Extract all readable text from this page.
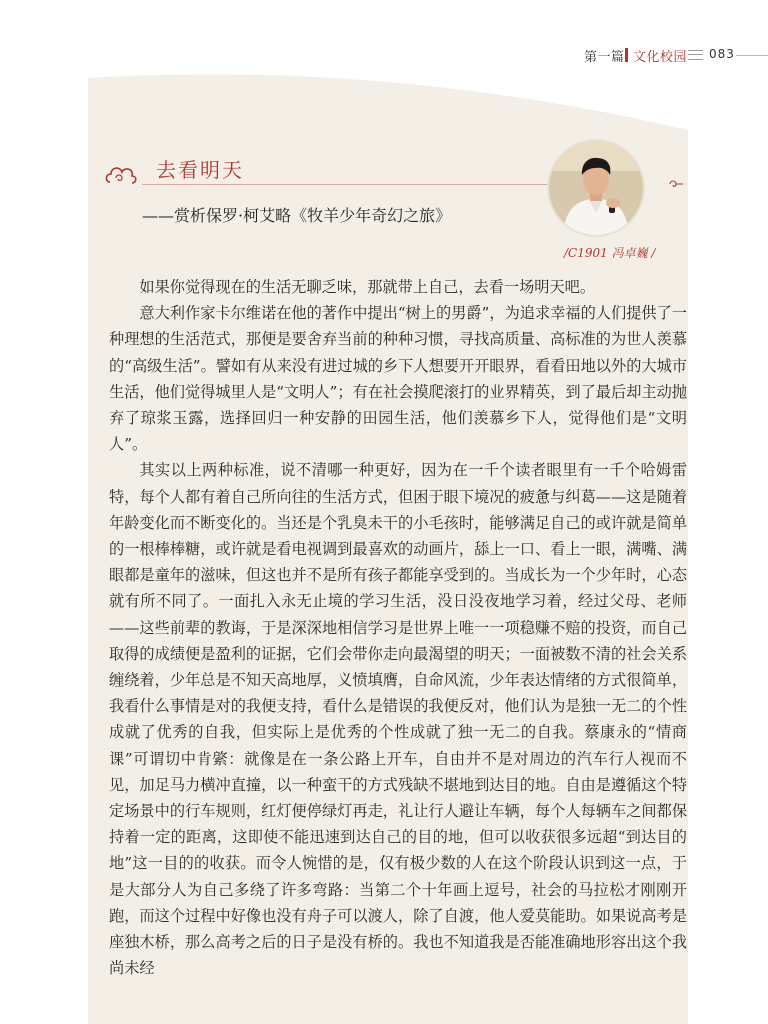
第一篇 文化校园 083
去看明天
——赏析保罗·柯艾略《牧羊少年奇幻之旅》
/C1901 冯卓巍 /

如果你觉得现在的生活无聊乏味，那就带上自己，去看一场明天吧。

意大利作家卡尔维诺在他的著作中提出“树上的男爵”，为追求幸福的人们提供了一种理想的生活范式，那便是要舍弃当前的种种习惯，寻找高质量、高标准的为世人羡慕的“高级生活”。譬如有从来没有进过城的乡下人想要开开眼界，看看田地以外的大城市生活，他们觉得城里人是“文明人”；有在社会摸爬滚打的业界精英，到了最后却主动抛弃了琼浆玉露，选择回归一种安静的田园生活，他们羡慕乡下人，觉得他们是“文明人”。

其实以上两种标准，说不清哪一种更好，因为在一千个读者眼里有一千个哈姆雷特，每个人都有着自己所向往的生活方式，但困于眼下境况的疲惫与纠葛——这是随着年龄变化而不断变化的。当还是个乳臭未干的小毛孩时，能够满足自己的或许就是简单的一根棒棒糖，或许就是看电视调到最喜欢的动画片，舔上一口、看上一眼，满嘴、满眼都是童年的滋味，但这也并不是所有孩子都能享受到的。当成长为一个少年时，心态就有所不同了。一面扎入永无止境的学习生活，没日没夜地学习着，经过父母、老师——这些前辈的教诲，于是深深地相信学习是世界上唯一一项稳赚不赔的投资，而自己取得的成绩便是盈利的证据，它们会带你走向最渴望的明天；一面被数不清的社会关系缠绕着，少年总是不知天高地厚，义愤填膺，自命风流，少年表达情绪的方式很简单，我看什么事情是对的我便支持，看什么是错误的我便反对，他们认为是独一无二的个性成就了优秀的自我，但实际上是优秀的个性成就了独一无二的自我。蔡康永的“情商课”可谓切中肯綮：就像是在一条公路上开车，自由并不是对周边的汽车行人视而不见，加足马力横冲直撞，以一种蛮干的方式残缺不堪地到达目的地。自由是遵循这个特定场景中的行车规则，红灯便停绿灯再走，礼让行人避让车辆，每个人每辆车之间都保持着一定的距离，这即使不能迅速到达自己的目的地，但可以收获很多远超“到达目的地”这一目的的收获。而令人惋惜的是，仅有极少数的人在这个阶段认识到这一点，于是大部分人为自己多绕了许多弯路：当第二个十年画上逗号，社会的马拉松才刚刚开跑，而这个过程中好像也没有舟子可以渡人，除了自渡，他人爱莫能助。如果说高考是座独木桥，那么高考之后的日子是没有桥的。我也不知道我是否能准确地形容出这个我尚未经
